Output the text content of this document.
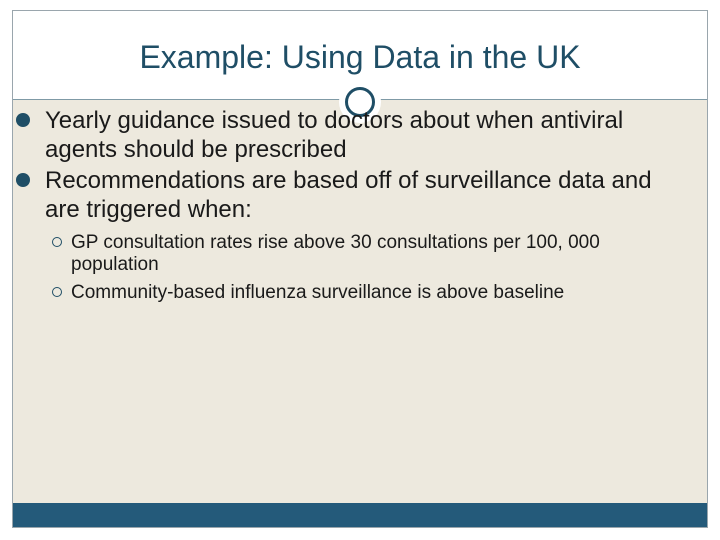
Example: Using Data in the UK
Yearly guidance issued to doctors about when antiviral agents should be prescribed
Recommendations are based off of surveillance data and are triggered when:
GP consultation rates rise above 30 consultations per 100, 000 population
Community-based influenza surveillance is above baseline
